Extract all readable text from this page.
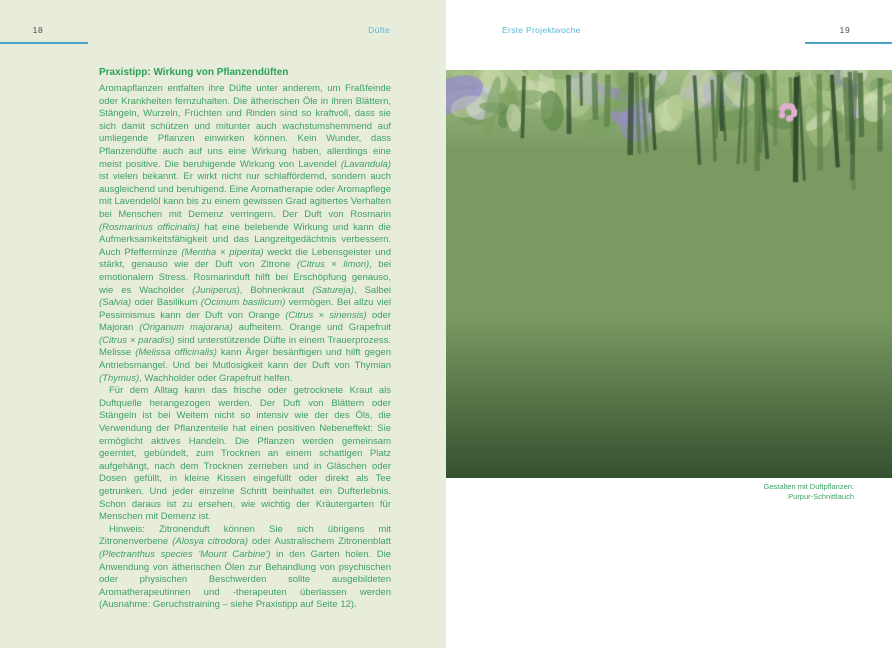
18	Düfte
Praxistipp: Wirkung von Pflanzendüften

Aromapflanzen entfalten ihre Düfte unter anderem, um Fraßfeinde oder Krankheiten fernzuhalten. Die ätherischen Öle in ihren Blättern, Stängeln, Wurzeln, Früchten und Rinden sind so kraftvoll, dass sie sich damit schützen und mitunter auch wachstumshemmend auf umliegende Pflanzen einwirken können. Kein Wunder, dass Pflanzendüfte auch auf uns eine Wirkung haben, allerdings eine meist positive. Die beruhigende Wirkung von Lavendel (Lavandula) ist vielen bekannt. Er wirkt nicht nur schlaffördernd, sondern auch ausgleichend und beruhigend. Eine Aromatherapie oder Aromapflege mit Lavendelöl kann bis zu einem gewissen Grad agitiertes Verhalten bei Menschen mit Demenz verringern. Der Duft von Rosmarin (Rosmarinus officinalis) hat eine belebende Wirkung und kann die Aufmerksamkeitsfähigkeit und das Langzeitgedächtnis verbessern. Auch Pfefferminze (Mentha × piperita) weckt die Lebensgeister und stärkt, genauso wie der Duft von Zitrone (Citrus × limon), bei emotionalem Stress. Rosmarinduft hilft bei Erschöpfung genauso, wie es Wacholder (Juniperus), Bohnenkraut (Satureja), Salbei (Salvia) oder Basilikum (Ocimum basilicum) vermögen. Bei allzu viel Pessimismus kann der Duft von Orange (Citrus × sinensis) oder Majoran (Origanum majorana) aufheitern. Orange und Grapefruit (Citrus × paradisi) sind unterstützende Düfte in einem Trauerprozess. Melisse (Melissa officinalis) kann Ärger besänftigen und hilft gegen Antriebsmangel. Und bei Mutlosigkeit kann der Duft von Thymian (Thymus), Wachholder oder Grapefruit helfen.

Für dem Alltag kann das frische oder getrocknete Kraut als Duftquelle herangezogen werden. Der Duft von Blättern oder Stängeln ist bei Weitem nicht so intensiv wie der des Öls, die Verwendung der Pflanzenteile hat einen positiven Nebeneffekt: Sie ermöglicht aktives Handeln. Die Pflanzen werden gemeinsam geerntet, gebündelt, zum Trocknen an einem schattigen Platz aufgehängt, nach dem Trocknen zerrieben und in Gläschen oder Dosen gefüllt, in kleine Kissen eingefüllt oder direkt als Tee getrunken. Und jeder einzelne Schritt beinhaltet ein Dufterlebnis. Schon daraus ist zu ersehen, wie wichtig der Kräutergarten für Menschen mit Demenz ist.

Hinweis: Zitronenduft können Sie sich übrigens mit Zitronenverbene (Alosya citrodora) oder Australischem Zitronenblatt (Plectranthus species 'Mount Carbine') in den Garten holen. Die Anwendung von ätherischen Ölen zur Behandlung von psychischen oder physischen Beschwerden sollte ausgebildeten Aromatherapeutinnen und -therapeuten überlassen werden (Ausnahme: Geruchstraining – siehe Praxistipp auf Seite 12).

Erste Projektwoche	19
Gestalten mit Duftpflanzen:
Purpur-Schnittlauch
